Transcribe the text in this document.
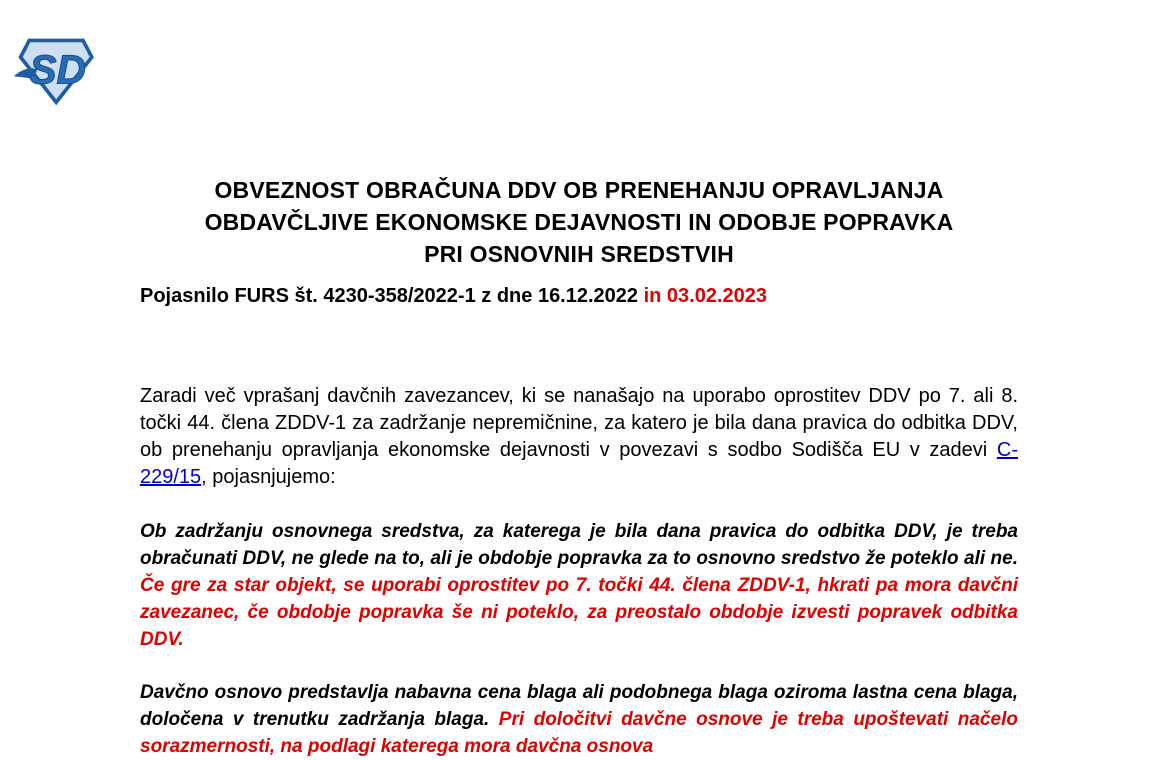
SD
OBVEZNOST OBRAČUNA DDV OB PRENEHANJU OPRAVLJANJA
OBDAVČLJIVE EKONOMSKE DEJAVNOSTI IN ODOBJE POPRAVKA
PRI OSNOVNIH SREDSTVIH
Pojasnilo FURS št. 4230-358/2022-1 z dne 16.12.2022 in 03.02.2023

Zaradi več vprašanj davčnih zavezancev, ki se nanašajo na uporabo oprostitev DDV po 7. ali 8. točki 44. člena ZDDV-1 za zadržanje nepremičnine, za katero je bila dana pravica do odbitka DDV, ob prenehanju opravljanja ekonomske dejavnosti v povezavi s sodbo Sodišča EU v zadevi C-229/15, pojasnjujemo:

Ob zadržanju osnovnega sredstva, za katerega je bila dana pravica do odbitka DDV, je treba obračunati DDV, ne glede na to, ali je obdobje popravka za to osnovno sredstvo že poteklo ali ne. Če gre za star objekt, se uporabi oprostitev po 7. točki 44. člena ZDDV-1, hkrati pa mora davčni zavezanec, če obdobje popravka še ni poteklo, za preostalo obdobje izvesti popravek odbitka DDV.

Davčno osnovo predstavlja nabavna cena blaga ali podobnega blaga oziroma lastna cena blaga, določena v trenutku zadržanja blaga. Pri določitvi davčne osnove je treba upoštevati načelo sorazmernosti, na podlagi katerega mora davčna osnova
